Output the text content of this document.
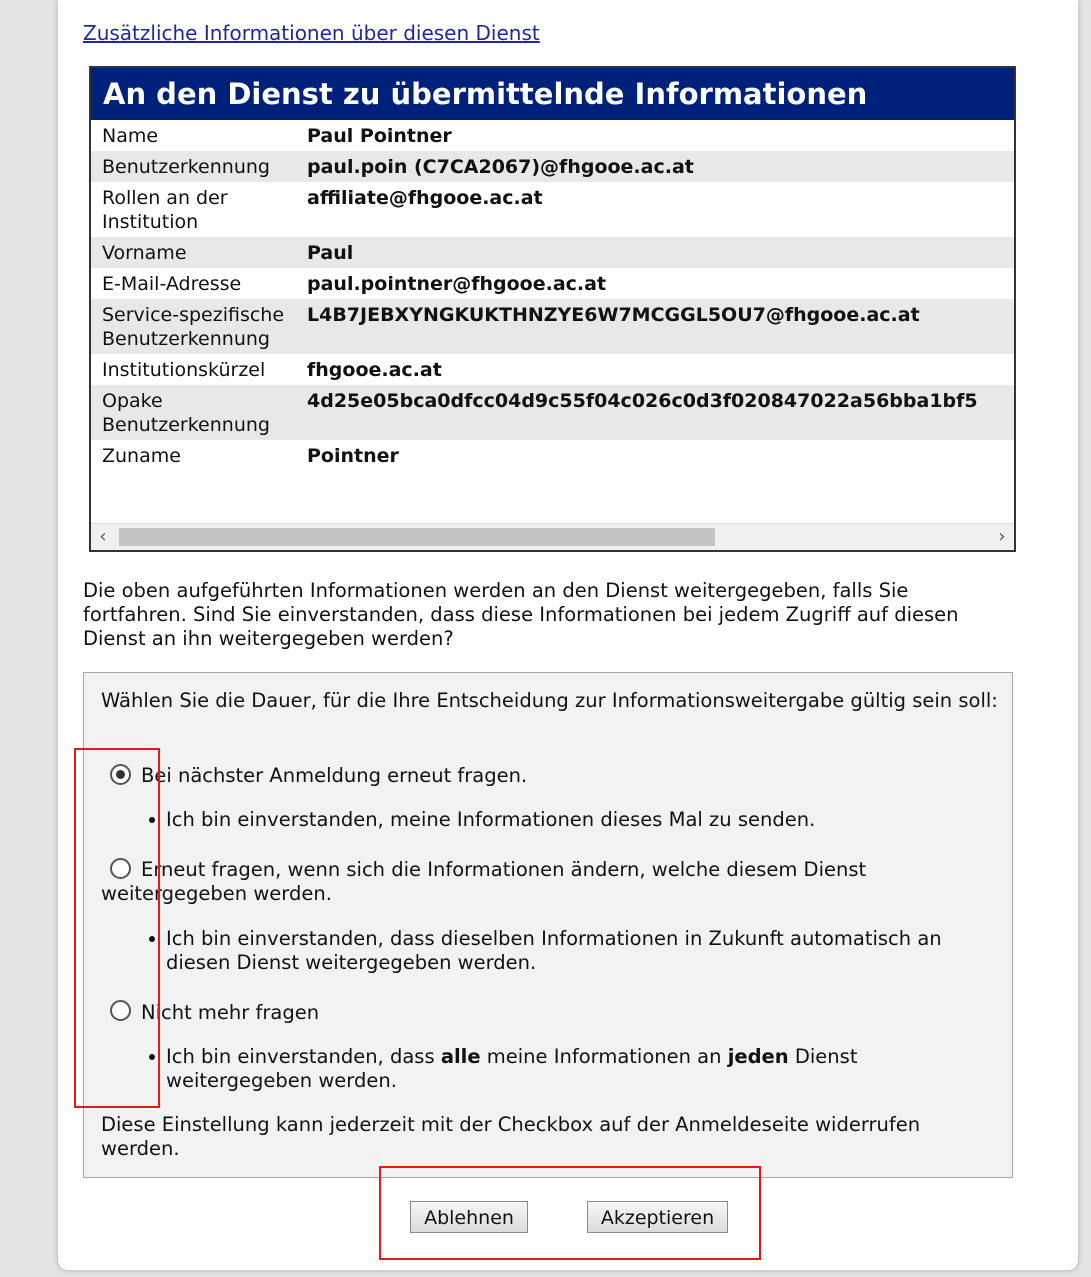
Zusätzliche Informationen über diesen Dienst
An den Dienst zu übermittelnde Informationen
Name	Paul Pointner
Benutzerkennung	paul.poin (C7CA2067)@fhgooe.ac.at
Rollen an der Institution	affiliate@fhgooe.ac.at
Vorname	Paul
E-Mail-Adresse	paul.pointner@fhgooe.ac.at
Service-spezifische Benutzerkennung	L4B7JEBXYNGKUKTHNZYE6W7MCGGL5OU7@fhgooe.ac.at
Institutionskürzel	fhgooe.ac.at
Opake Benutzerkennung	4d25e05bca0dfcc04d9c55f04c026c0d3f020847022a56bba1bf5
Zuname	Pointner
‹	›
Die oben aufgeführten Informationen werden an den Dienst weitergegeben, falls Sie fortfahren. Sind Sie einverstanden, dass diese Informationen bei jedem Zugriff auf diesen Dienst an ihn weitergegeben werden?
Wählen Sie die Dauer, für die Ihre Entscheidung zur Informationsweitergabe gültig sein soll:
Bei nächster Anmeldung erneut fragen.
Ich bin einverstanden, meine Informationen dieses Mal zu senden.
Erneut fragen, wenn sich die Informationen ändern, welche diesem Dienst weitergegeben werden.
Ich bin einverstanden, dass dieselben Informationen in Zukunft automatisch an diesen Dienst weitergegeben werden.
Nicht mehr fragen
Ich bin einverstanden, dass alle meine Informationen an jeden Dienst weitergegeben werden.
Diese Einstellung kann jederzeit mit der Checkbox auf der Anmeldeseite widerrufen werden.
Ablehnen	Akzeptieren
